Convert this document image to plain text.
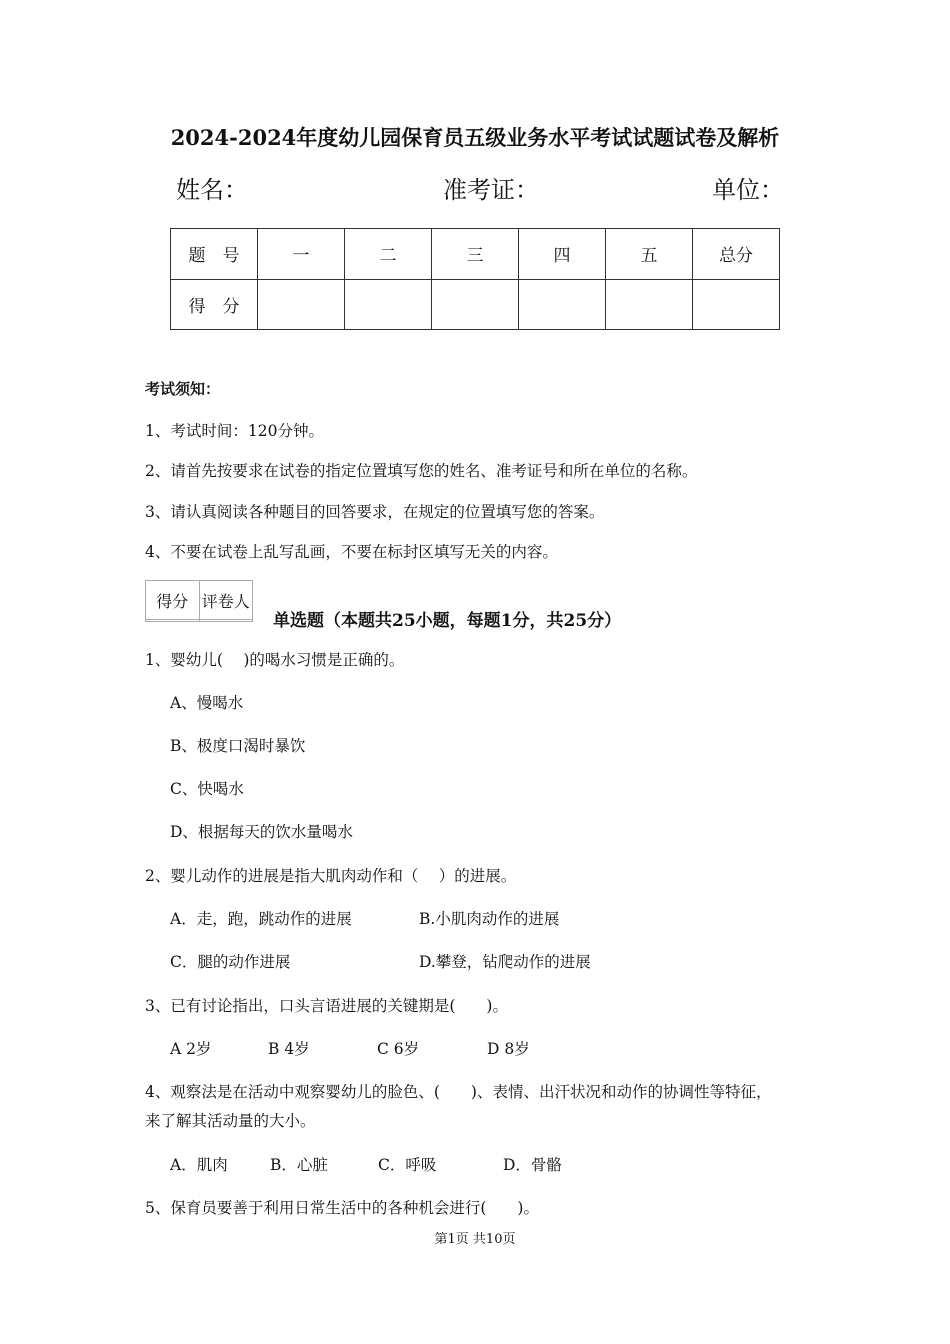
2024-2024年度幼儿园保育员五级业务水平考试试题试卷及解析
姓名：	准考证：	单位：
题　号	一	二	三	四	五	总分
得　分						
考试须知：
1、考试时间：120分钟。
2、请首先按要求在试卷的指定位置填写您的姓名、准考证号和所在单位的名称。
3、请认真阅读各种题目的回答要求，在规定的位置填写您的答案。
4、不要在试卷上乱写乱画，不要在标封区填写无关的内容。
得分	评卷人

单选题（本题共25小题，每题1分，共25分）
1、婴幼儿(　 )的喝水习惯是正确的。
A、慢喝水
B、极度口渴时暴饮
C、快喝水
D、根据每天的饮水量喝水
2、婴儿动作的进展是指大肌肉动作和（　 ）的进展。
A．走，跑，跳动作的进展	B.小肌肉动作的进展
C．腿的动作进展	D.攀登，钻爬动作的进展
3、已有讨论指出，口头言语进展的关键期是(　　)。
A 2岁	B 4岁	C 6岁	D 8岁
4、观察法是在活动中观察婴幼儿的脸色、(　　)、表情、出汗状况和动作的协调性等特征，
来了解其活动量的大小。
A．肌肉	B．心脏	C．呼吸	D．骨骼
5、保育员要善于利用日常生活中的各种机会进行(　　)。
第1页 共10页
